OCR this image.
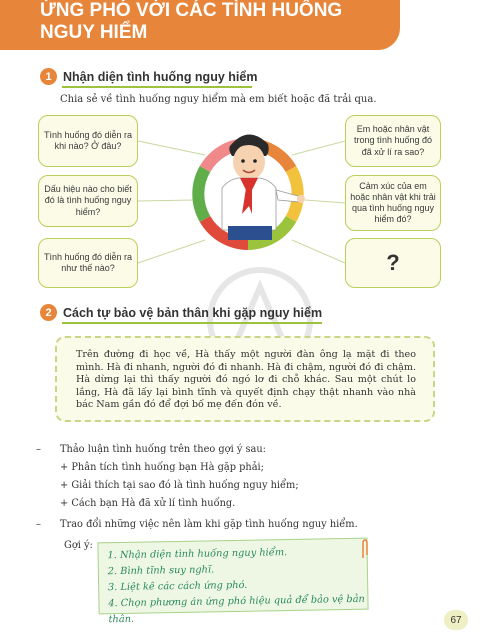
ỨNG PHÓ VỚI CÁC TÌNH HUỐNG
NGUY HIỂM
1 Nhận diện tình huống nguy hiểm
Chia sẻ về tình huống nguy hiểm mà em biết hoặc đã trải qua.
Tình huống đó diễn ra khi nào? Ở đâu?
Dấu hiệu nào cho biết đó là tình huống nguy hiểm?
Tình huống đó diễn ra như thế nào?
Em hoặc nhân vật trong tình huống đó đã xử lí ra sao?
Cảm xúc của em hoặc nhân vật khi trải qua tình huống nguy hiểm đó?
?
2 Cách tự bảo vệ bản thân khi gặp nguy hiểm
Trên đường đi học về, Hà thấy một người đàn ông lạ mặt đi theo mình. Hà đi nhanh, người đó đi nhanh. Hà đi chậm, người đó đi chậm. Hà dừng lại thì thấy người đó ngó lơ đi chỗ khác. Sau một chút lo lắng, Hà đã lấy lại bình tĩnh và quyết định chạy thật nhanh vào nhà bác Nam gần đó để đợi bố mẹ đến đón về.
– Thảo luận tình huống trên theo gợi ý sau:
+ Phân tích tình huống bạn Hà gặp phải;
+ Giải thích tại sao đó là tình huống nguy hiểm;
+ Cách bạn Hà đã xử lí tình huống.
– Trao đổi những việc nên làm khi gặp tình huống nguy hiểm.
Gợi ý:
1. Nhận diện tình huống nguy hiểm.
2. Bình tĩnh suy nghĩ.
3. Liệt kê các cách ứng phó.
4. Chọn phương án ứng phó hiệu quả để bảo vệ bản thân.	67
